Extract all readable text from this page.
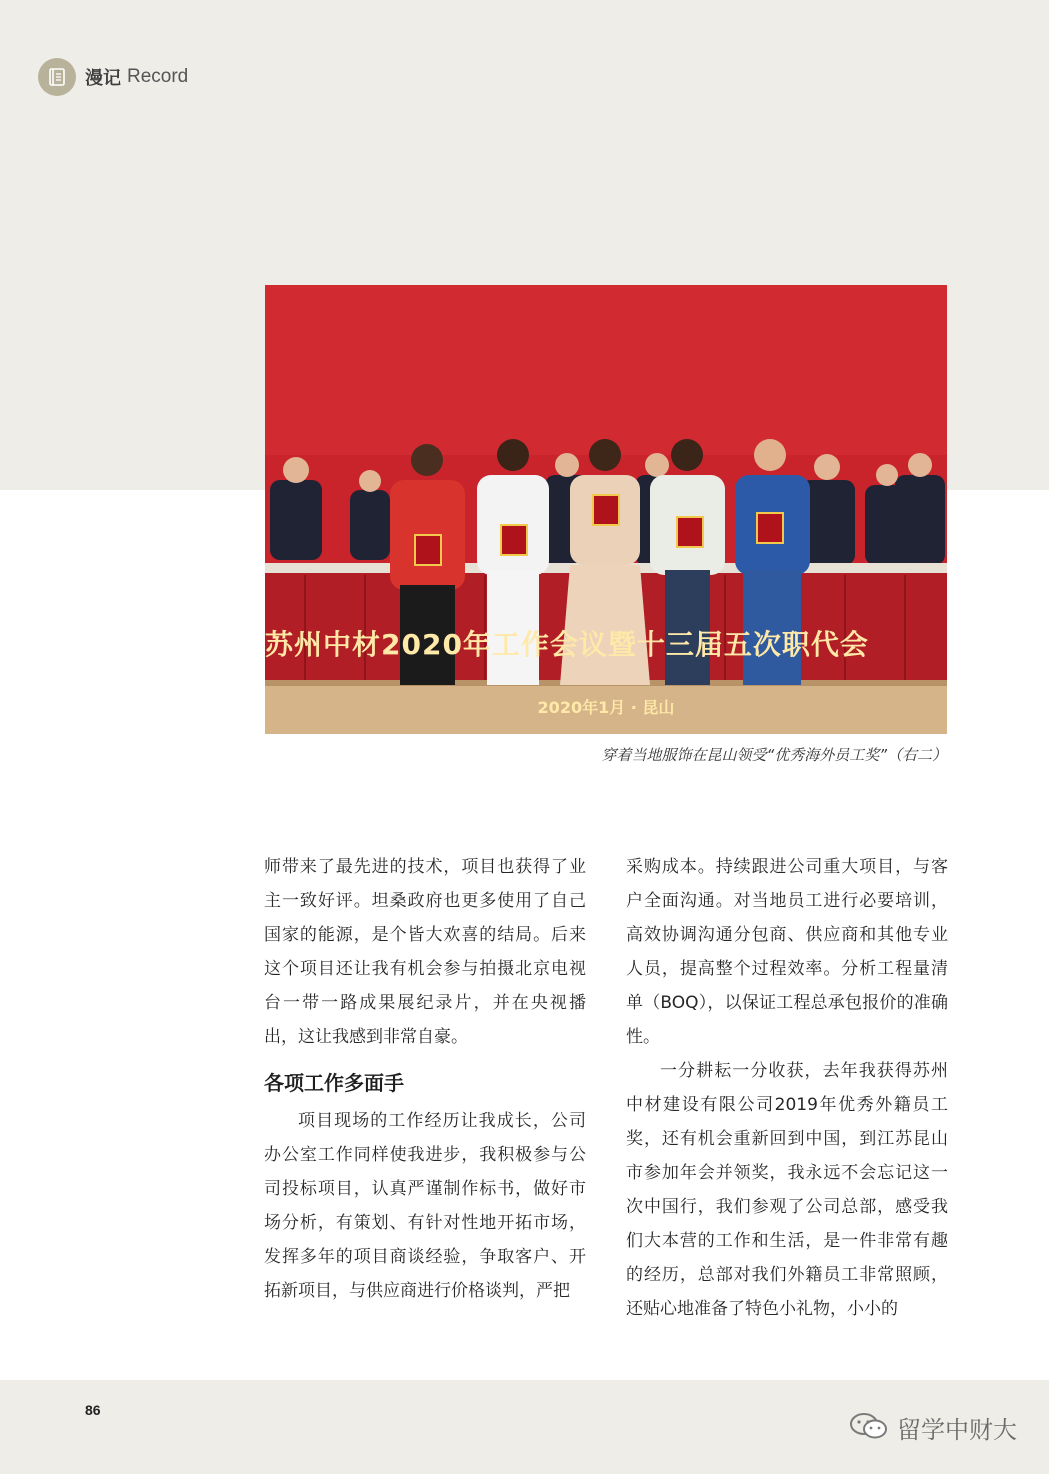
漫记 Record
苏州中材2020年工作会议暨十三届五次职代会
2020年1月 · 昆山
穿着当地服饰在昆山领受“优秀海外员工奖”（右二）

师带来了最先进的技术，项目也获得了业主一致好评。坦桑政府也更多使用了自己国家的能源，是个皆大欢喜的结局。后来这个项目还让我有机会参与拍摄北京电视台一带一路成果展纪录片，并在央视播出，这让我感到非常自豪。

各项工作多面手

项目现场的工作经历让我成长，公司办公室工作同样使我进步，我积极参与公司投标项目，认真严谨制作标书，做好市场分析，有策划、有针对性地开拓市场，发挥多年的项目商谈经验，争取客户、开拓新项目，与供应商进行价格谈判，严把

采购成本。持续跟进公司重大项目，与客户全面沟通。对当地员工进行必要培训，高效协调沟通分包商、供应商和其他专业人员，提高整个过程效率。分析工程量清单（BOQ），以保证工程总承包报价的准确性。

一分耕耘一分收获，去年我获得苏州中材建设有限公司2019年优秀外籍员工奖，还有机会重新回到中国，到江苏昆山市参加年会并领奖，我永远不会忘记这一次中国行，我们参观了公司总部，感受我们大本营的工作和生活，是一件非常有趣的经历，总部对我们外籍员工非常照顾，还贴心地准备了特色小礼物，小小的

86
留学中财大
